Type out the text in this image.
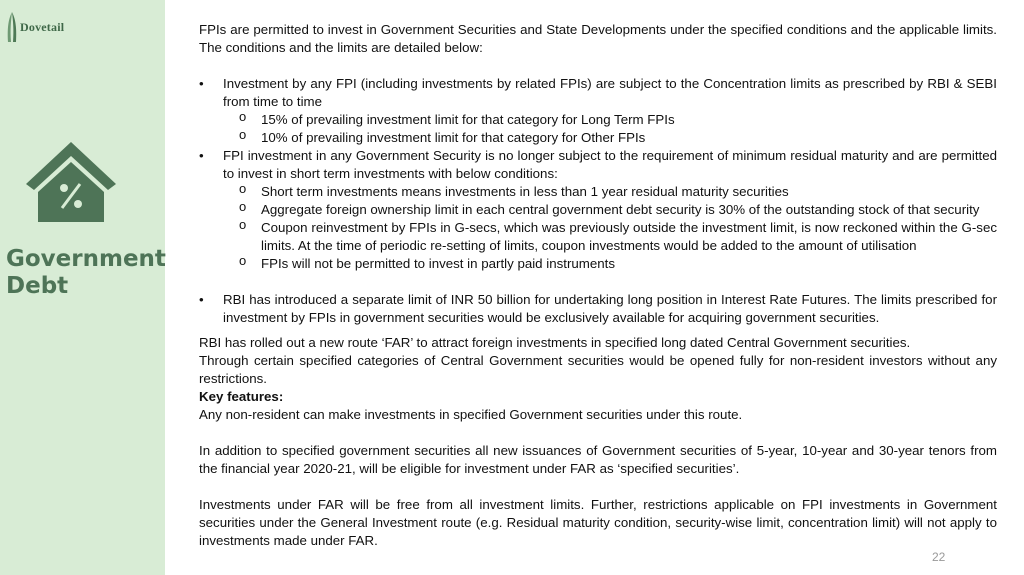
Dovetail
Government
Debt

FPIs are permitted to invest in Government Securities and State Developments under the specified conditions and the applicable limits. The conditions and the limits are detailed below:

• Investment by any FPI (including investments by related FPIs) are subject to the Concentration limits as prescribed by RBI & SEBI from time to time
o 15% of prevailing investment limit for that category for Long Term FPIs
o 10% of prevailing investment limit for that category for Other FPIs
• FPI investment in any Government Security is no longer subject to the requirement of minimum residual maturity and are permitted to invest in short term investments with below conditions:
o Short term investments means investments in less than 1 year residual maturity securities
o Aggregate foreign ownership limit in each central government debt security is 30% of the outstanding stock of that security
o Coupon reinvestment by FPIs in G-secs, which was previously outside the investment limit, is now reckoned within the G-sec limits. At the time of periodic re-setting of limits, coupon investments would be added to the amount of utilisation
o FPIs will not be permitted to invest in partly paid instruments
• RBI has introduced a separate limit of INR 50 billion for undertaking long position in Interest Rate Futures. The limits prescribed for investment by FPIs in government securities would be exclusively available for acquiring government securities.

RBI has rolled out a new route ‘FAR’ to attract foreign investments in specified long dated Central Government securities.

Through certain specified categories of Central Government securities would be opened fully for non-resident investors without any restrictions.

Key features:

Any non-resident can make investments in specified Government securities under this route.

In addition to specified government securities all new issuances of Government securities of 5-year, 10-year and 30-year tenors from the financial year 2020-21, will be eligible for investment under FAR as ‘specified securities’.

Investments under FAR will be free from all investment limits. Further, restrictions applicable on FPI investments in Government securities under the General Investment route (e.g. Residual maturity condition, security-wise limit, concentration limit) will not apply to investments made under FAR.

22
